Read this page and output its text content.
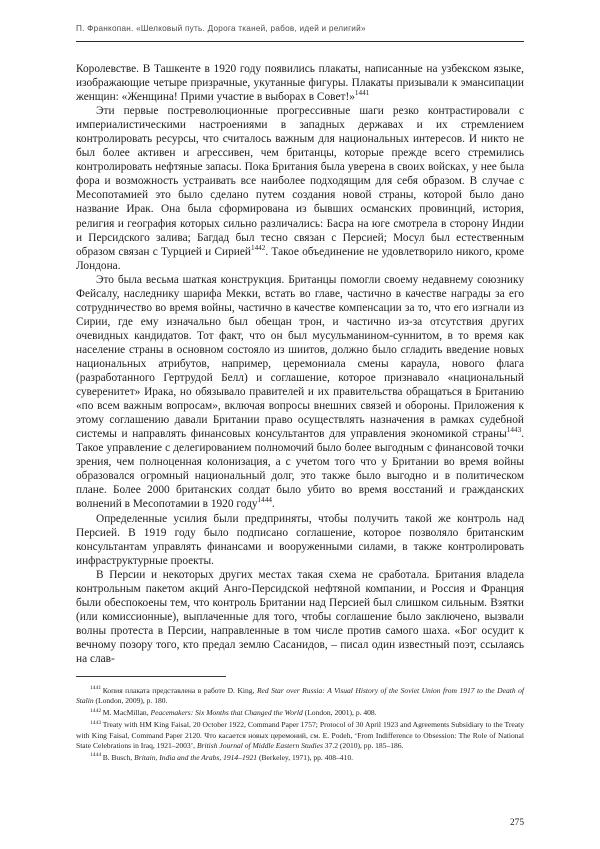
П. Франкопан. «Шелковый путь. Дорога тканей, рабов, идей и религий»

Королевстве. В Ташкенте в 1920 году появились плакаты, написанные на узбекском языке, изображающие четыре призрачные, укутанные фигуры. Плакаты призывали к эмансипации женщин: «Женщина! Прими участие в выборах в Совет!»$^{1441}$

Эти первые постреволюционные прогрессивные шаги резко контрастировали с империалистическими настроениями в западных державах и их стремлением контролировать ресурсы, что считалось важным для национальных интересов. И никто не был более активен и агрессивен, чем британцы, которые прежде всего стремились контролировать нефтяные запасы. Пока Британия была уверена в своих войсках, у нее была фора и возможность устраивать все наиболее подходящим для себя образом. В случае с Месопотамией это было сделано путем создания новой страны, которой было дано название Ирак. Она была сформирована из бывших османских провинций, история, религия и география которых сильно различались: Басра на юге смотрела в сторону Индии и Персидского залива; Багдад был тесно связан с Персией; Мосул был естественным образом связан с Турцией и Сирией$^{1442}$. Такое объединение не удовлетворило никого, кроме Лондона.

Это была весьма шаткая конструкция. Британцы помогли своему недавнему союзнику Фейсалу, наследнику шарифа Мекки, встать во главе, частично в качестве награды за его сотрудничество во время войны, частично в качестве компенсации за то, что его изгнали из Сирии, где ему изначально был обещан трон, и частично из-за отсутствия других очевидных кандидатов. Тот факт, что он был мусульманином-суннитом, в то время как население страны в основном состояло из шиитов, должно было сгладить введение новых национальных атрибутов, например, церемониала смены караула, нового флага (разработанного Гертрудой Белл) и соглашение, которое признавало «национальный суверенитет» Ирака, но обязывало правителей и их правительства обращаться в Британию «по всем важным вопросам», включая вопросы внешних связей и обороны. Приложения к этому соглашению давали Британии право осуществлять назначения в рамках судебной системы и направлять финансовых консультантов для управления экономикой страны$^{1443}$. Такое управление с делегированием полномочий было более выгодным с финансовой точки зрения, чем полноценная колонизация, а с учетом того что у Британии во время войны образовался огромный национальный долг, это также было выгодно и в политическом плане. Более 2000 британских солдат было убито во время восстаний и гражданских волнений в Месопотамии в 1920 году$^{1444}$.

Определенные усилия были предприняты, чтобы получить такой же контроль над Персией. В 1919 году было подписано соглашение, которое позволяло британским консультантам управлять финансами и вооруженными силами, в также контролировать инфраструктурные проекты.

В Персии и некоторых других местах такая схема не сработала. Британия владела контрольным пакетом акций Анго-Персидской нефтяной компании, и Россия и Франция были обеспокоены тем, что контроль Британии над Персией был слишком сильным. Взятки (или комиссионные), выплаченные для того, чтобы соглашение было заключено, вызвали волны протеста в Персии, направленные в том числе против самого шаха. «Бог осудит к вечному позору того, кто предал землю Сасанидов, – писал один известный поэт, ссылаясь на слав-

$^{1441}$ Копия плаката представлена в работе D. King, Red Star over Russia: A Visual History of the Soviet Union from 1917 to the Death of Stalin (London, 2009), p. 180.

$^{1442}$ M. MacMillan, Peacemakers: Six Months that Changed the World (London, 2001), p. 408.

$^{1443}$ Treaty with HM King Faisal, 20 October 1922, Command Paper 1757; Protocol of 30 April 1923 and Agreements Subsidiary to the Treaty with King Faisal, Command Paper 2120. Что касается новых церемоний, см. E. Podeh, ‘From Indifference to Obsession: The Role of National State Celebrations in Iraq, 1921–2003’, British Journal of Middle Eastern Studies 37.2 (2010), pp. 185–186.

$^{1444}$ B. Busch, Britain, India and the Arabs, 1914–1921 (Berkeley, 1971), pp. 408–410.

275
